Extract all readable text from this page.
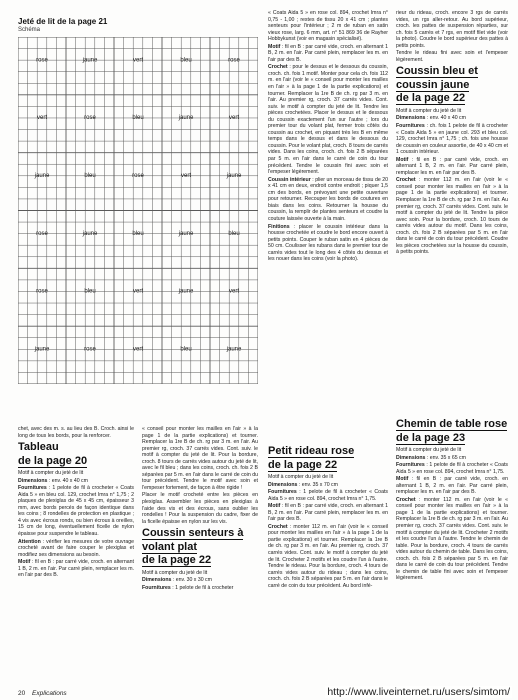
Jeté de lit de la page 21
Schéma
rose	jaune	vert	bleu	rose
vert	rose	bleu	jaune	vert
jaune	bleu	rose	vert	jaune
rose	jaune	bleu	jaune	bleu
rose	bleu	vert	jaune	vert
jaune	rose	vert	bleu	jaune

chet, avec des m. s. au lieu des B. Croch. ainsi le long de tous les bords, pour la renforcer.

Tableau
de la page 20

Motif à compter du jeté de lit

Dimensions : env. 40 x 40 cm

Fournitures : 1 pelote de fil à crocheter « Coats Aida 5 » en bleu col. 129, crochet Imra n° 1,75 ; 2 plaques de plexiglas de 45 x 45 cm, épaisseur 3 mm, avec bords percés de façon identique dans les coins ; 8 rondelles de protection en plastique ; 4 vis avec écrous ronds, ou bien écrous à oreilles, 15 cm de long, éventuellement ficelle de nylon épaisse pour suspendre le tableau.

Attention : vérifier les mesures de votre ouvrage crocheté avant de faire couper le plexiglas et modifiez ses dimensions au besoin.

Motif : fil en B : par carré vide, croch. en alternant 1 B, 2 m. en l'air. Par carré plein, remplacer les m. en l'air par des B.

« conseil pour monter les mailles en l'air » à la page 1 de la partie explications) et tourner. Remplacer la 1re B de ch. rg par 3 m. en l'air. Au premier rg, croch. 37 carrés vides. Cont. suiv. le motif à compter du jeté de lit. Pour la bordure, croch. 8 tours de carrés vides autour du jeté de lit, avec le fil bleu ; dans les coins, croch. ch. fois 2 B séparées par 5 m. en l'air dans le carré de coin du tour précédent. Tendre le motif avec soin et l'empeser fortement, de façon à être rigide !

Placer le motif crocheté entre les pièces en plexiglas. Assembler les pièces en plexiglas à l'aide des vis et des écrous, sans oublier les rondelles ! Pour la suspension du cadre, fixer de la ficelle épaisse en nylon sur les vis.

Coussin senteurs à
volant plat
de la page 22

Motif à compter du jeté de lit

Dimensions : env. 30 x 30 cm

Fournitures : 1 pelote de fil à crocheter

« Coats Aida 5 » en rose col. 894, crochet Imra n° 0,75 - 1,00 ; restes de tissu 20 x 41 cm ; plantes senteurs pour l'intérieur ; 2 m de ruban en satin vieux rose, larg. 6 mm, art. n° 51 869 36 de Rayher Hobbykunst (voir en magasin spécialisé).

Motif : fil en B : par carré vide, croch. en alternant 1 B, 2 m. en l'air. Par carré plein, remplacer les m. en l'air par des B.

Crochet : pour le dessus et le dessous du coussin, croch. ch. fois 1 motif. Monter pour cela ch. fois 112 m. en l'air (voir le « conseil pour monter les mailles en l'air » à la page 1 de la partie explications) et tourner. Remplacer la 1re B de ch. rg par 3 m. en l'air. Au premier rg, croch. 37 carrés vides. Cont. suiv. le motif à compter du jeté de lit. Tendre les pièces crochetées. Placer le dessus et le dessous du coussin exactement l'un sur l'autre ; lors du premier tour du volant plat, fermer trois côtés du coussin au crochet, en piquant très les B en même temps dans le dessus et dans le dessous du coussin. Pour le volant plat, croch. 8 tours de carrés vides. Dans les coins, croch. ch. fois 2 B séparées par 5 m. en l'air dans le carré de coin du tour précédent. Tendre le coussin fini avec soin et l'empeser légèrement.

Coussin intérieur : plier un morceau de tissu de 20 x 41 cm en deux, endroit contre endroit ; piquer 1,5 cm des bords, en prévoyant une petite ouverture pour retourner. Recouper les bords de coutures en biais dans les coins. Retourner la housse du coussin, la remplir de plantes senteurs et coudre la couture laissée ouverte à la main.

Finitions : placer le coussin intérieur dans la housse crochetée et coudre le bord encore ouvert à petits points. Couper le ruban satin en 4 pièces de 50 cm. Coulisser les rubans dans le premier tour de carrés vides tout le long des 4 côtés du dessus et les nouer dans les coins (voir la photo).

Petit rideau rose
de la page 22

Motif à compter du jeté de lit

Dimensions : env. 35 x 70 cm

Fournitures : 1 pelote de fil à crocheter « Coats Aida 5 » en rose col. 894, crochet Imra n° 1,75.

Motif : fil en B : par carré vide, croch. en alternant 1 B, 2 m. en l'air. Par carré plein, remplacer les m. en l'air par des B.

Crochet : monter 112 m. en l'air (voir le « conseil pour monter les mailles en l'air » à la page 1 de la partie explications) et tourner. Remplacer la 1re B de ch. rg par 3 m. en l'air. Au premier rg, croch. 37 carrés vides. Cont. suiv. le motif à compter du jeté de lit. Crocheter 2 motifs et les coudre l'un à l'autre. Tendre le rideau. Pour la bordure, croch. 4 tours de carrés vides autour du rideau ; dans les coins, croch. ch. fois 2 B séparées par 5 m. en l'air dans le carré de coin du tour précédent. Au bord infé-

rieur du rideau, croch. encore 3 rgs de carrés vides, un rgs aller-retour. Au bord supérieur, croch. les pattes de suspension réparties, sur ch. fois 5 carrés et 7 rgs, en motif filet vide (voir la photo). Coudre le bord supérieur des pattes à petits points.

Tendre le rideau fini avec soin et l'empeser légèrement.

Coussin bleu et
coussin jaune
de la page 22

Motif à compter du jeté de lit

Dimensions : env. 40 x 40 cm

Fournitures : ch. fois 1 pelote de fil à crocheter « Coats Aida 5 » en jaune col. 293 et bleu col. 129, crochet Imra n° 1,75 ; ch. fois une housse de coussin en couleur assortie, de 40 x 40 cm et 1 coussin intérieur.

Motif : fil en B : par carré vide, croch. en alternant 1 B, 2 m. en l'air. Par carré plein, remplacer les m. en l'air par des B.

Crochet : monter 112 m. en l'air (voir le « conseil pour monter les mailles en l'air » à la page 1 de la partie explications) et tourner. Remplacer la 1re B de ch. rg par 3 m. en l'air. Au premier rg, croch. 37 carrés vides. Cont. suiv. le motif à compter du jeté de lit. Tendre la pièce avec soin. Pour la bordure, croch. 10 tours de carrés vides autour du motif. Dans les coins, croch. ch. fois 2 B séparées par 5 m. en l'air dans le carré de coin du tour précédent. Coudre les pièces crochetées sur la housse du coussin, à petits points.

Chemin de table rose
de la page 23

Motif à compter du jeté de lit

Dimensions : env. 35 x 65 cm

Fournitures : 1 pelote de fil à crocheter « Coats Aida 5 » en rose col. 894, crochet Imra n° 1,75.

Motif : fil en B : par carré vide, croch. en alternant 1 B, 2 m. en l'air. Par carré plein, remplacer les m. en l'air par des B.

Crochet : monter 112 m. en l'air (voir le « conseil pour monter les mailles en l'air » à la page 1 de la partie explications) et tourner. Remplacer la 1re B de ch. rg par 3 m. en l'air. Au premier rg, croch. 37 carrés vides. Cont. suiv. le motif à compter du jeté de lit. Crocheter 2 motifs et les coudre l'un à l'autre. Tendre le chemin de table. Pour la bordure, croch. 4 tours de carrés vides autour du chemin de table. Dans les coins, croch. ch. fois 2 B séparées par 5 m. en l'air dans le carré de coin du tour précédent. Tendre le chemin de table fini avec soin et l'empeser légèrement.

20 Explications	http://www.liveinternet.ru/users/simtom/
